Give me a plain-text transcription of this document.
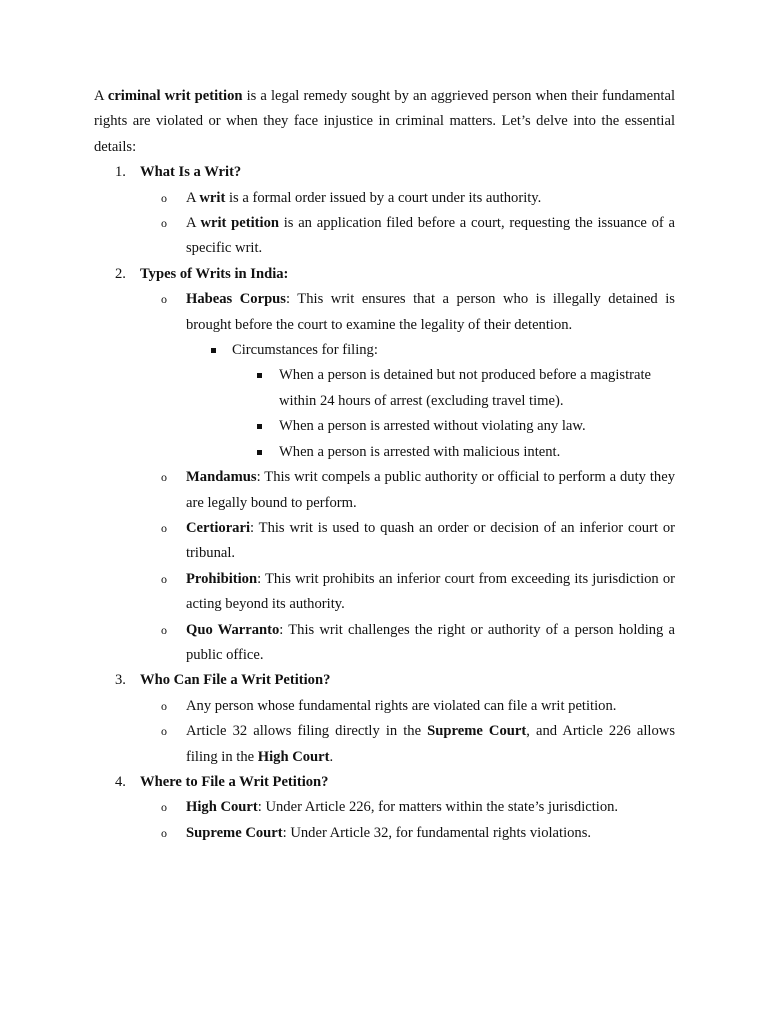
A criminal writ petition is a legal remedy sought by an aggrieved person when their fundamental rights are violated or when they face injustice in criminal matters. Let’s delve into the essential details:

1. What Is a Writ?
o A writ is a formal order issued by a court under its authority.
o A writ petition is an application filed before a court, requesting the issuance of a specific writ.
2. Types of Writs in India:
o Habeas Corpus: This writ ensures that a person who is illegally detained is brought before the court to examine the legality of their detention.
Circumstances for filing:
When a person is detained but not produced before a magistrate within 24 hours of arrest (excluding travel time).
When a person is arrested without violating any law.
When a person is arrested with malicious intent.
o Mandamus: This writ compels a public authority or official to perform a duty they are legally bound to perform.
o Certiorari: This writ is used to quash an order or decision of an inferior court or tribunal.
o Prohibition: This writ prohibits an inferior court from exceeding its jurisdiction or acting beyond its authority.
o Quo Warranto: This writ challenges the right or authority of a person holding a public office.
3. Who Can File a Writ Petition?
o Any person whose fundamental rights are violated can file a writ petition.
o Article 32 allows filing directly in the Supreme Court, and Article 226 allows filing in the High Court.
4. Where to File a Writ Petition?
o High Court: Under Article 226, for matters within the state’s jurisdiction.
o Supreme Court: Under Article 32, for fundamental rights violations.
